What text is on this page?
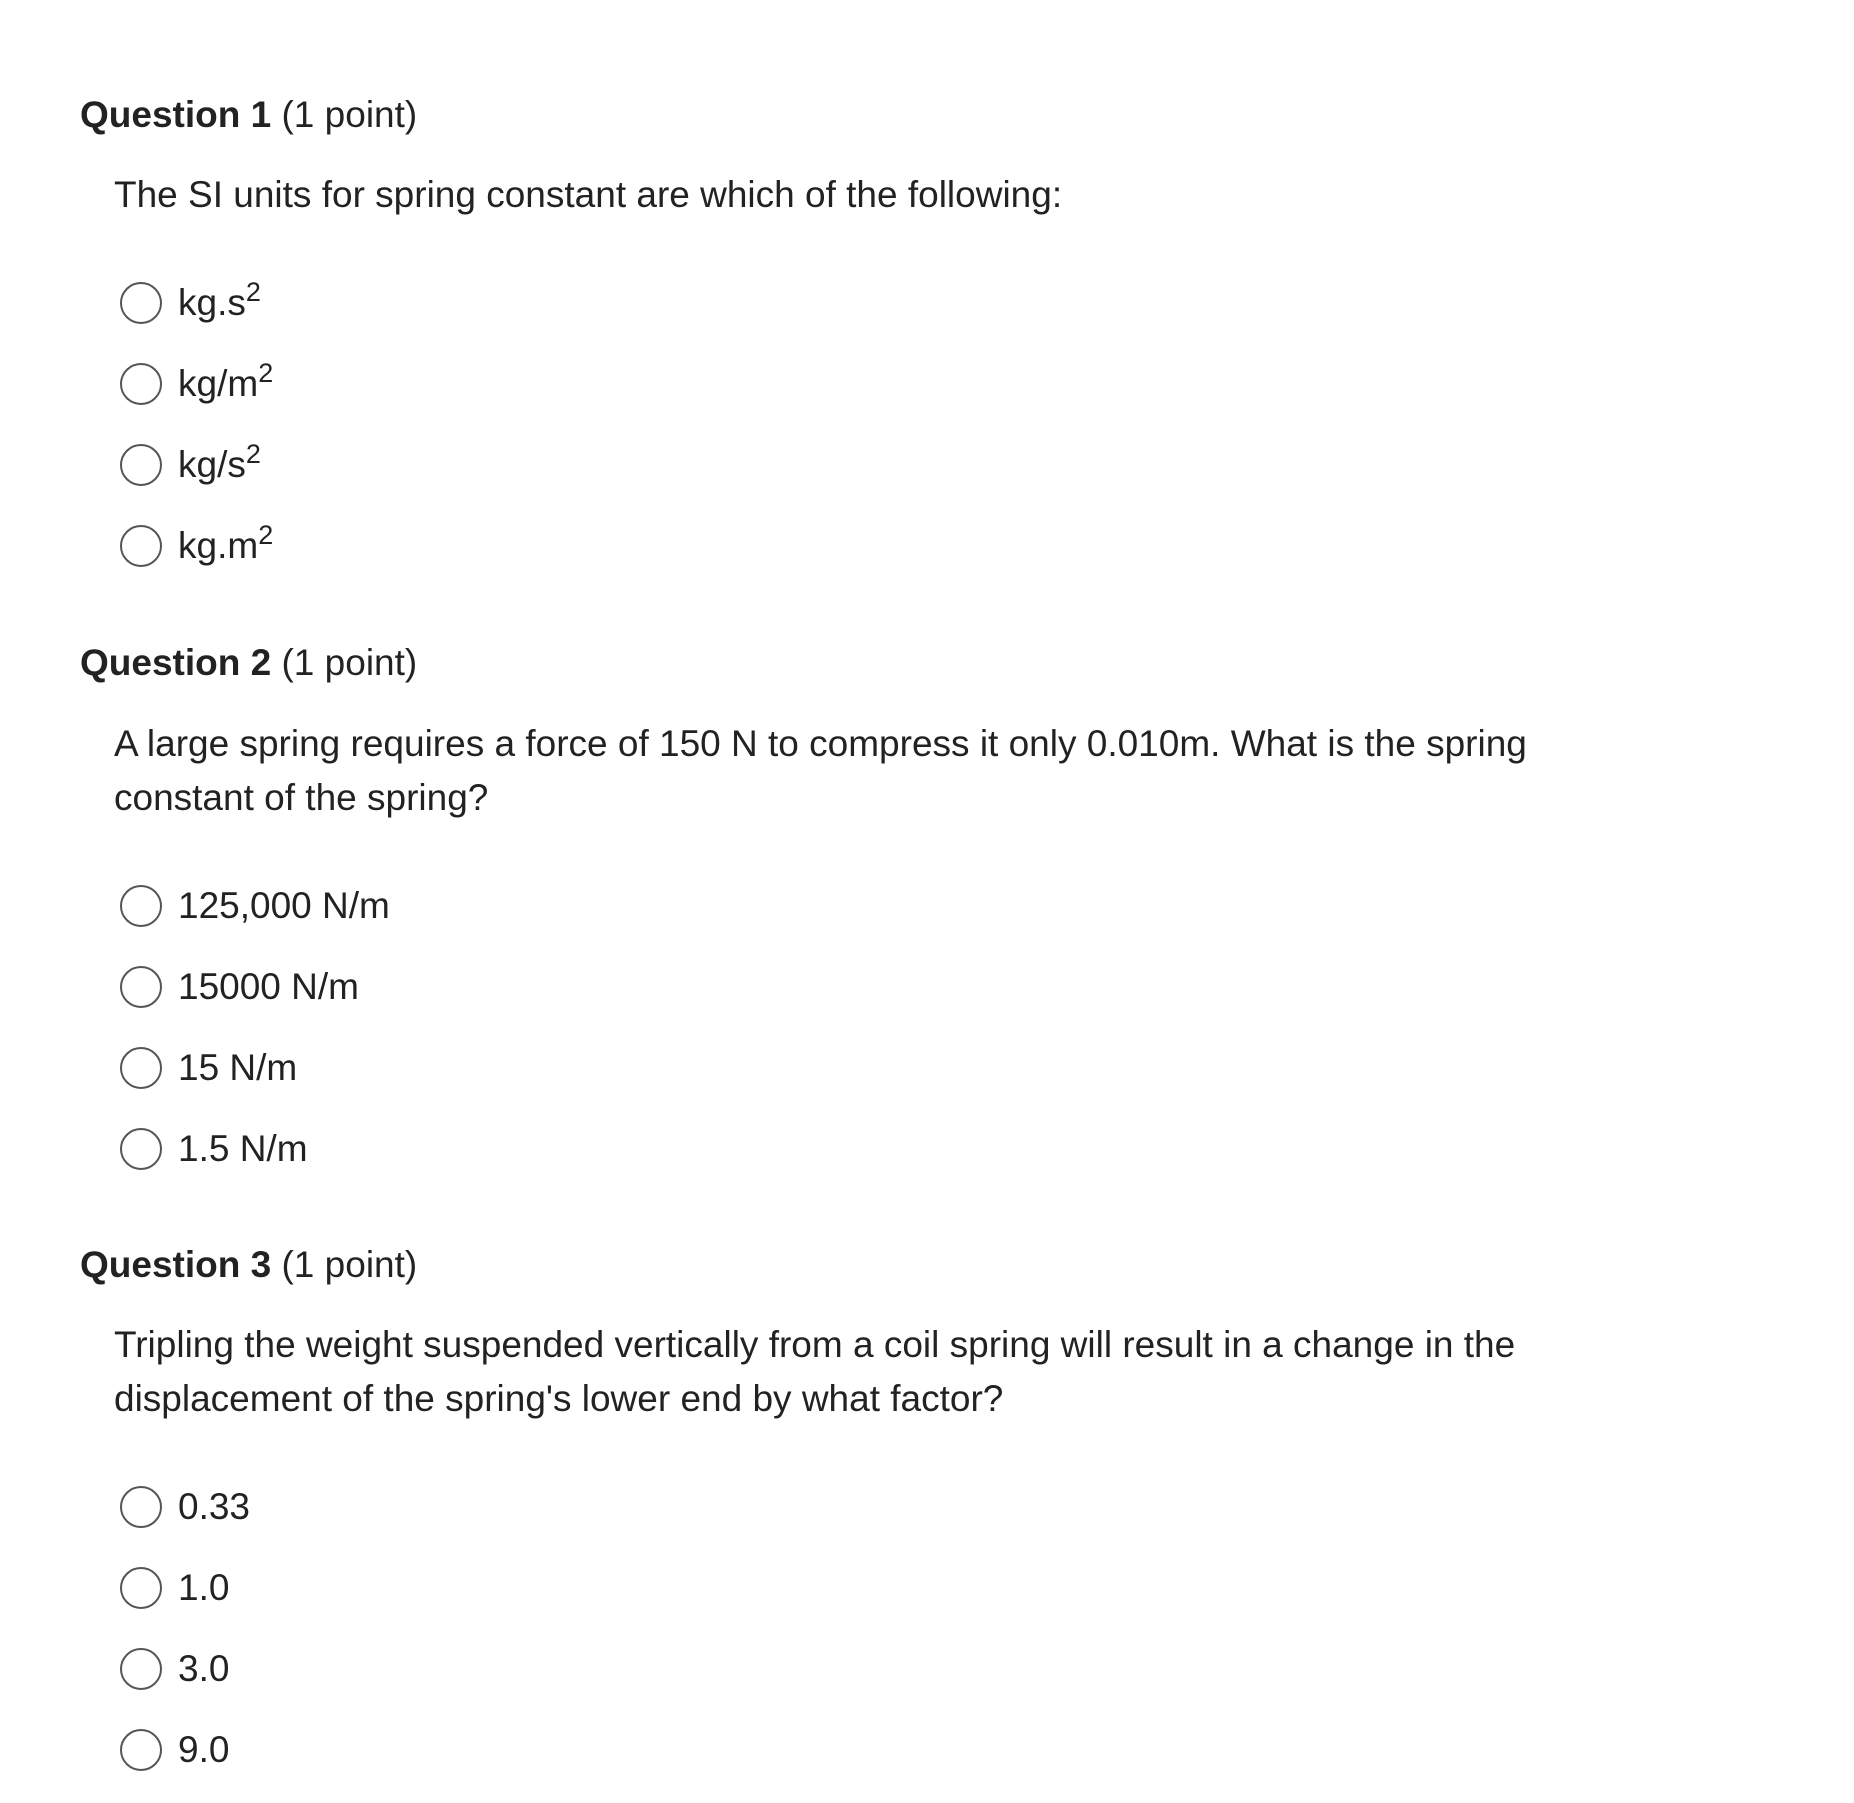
Question 1 (1 point)
The SI units for spring constant are which of the following:
$kg.s^2$
$kg/m^2$
$kg/s^2$
$kg.m^2$
Question 2 (1 point)
A large spring requires a force of 150 N to compress it only 0.010m. What is the spring constant of the spring?
125,000 N/m
15000 N/m
15 N/m
1.5 N/m
Question 3 (1 point)
Tripling the weight suspended vertically from a coil spring will result in a change in the displacement of the spring's lower end by what factor?
0.33
1.0
3.0
9.0
